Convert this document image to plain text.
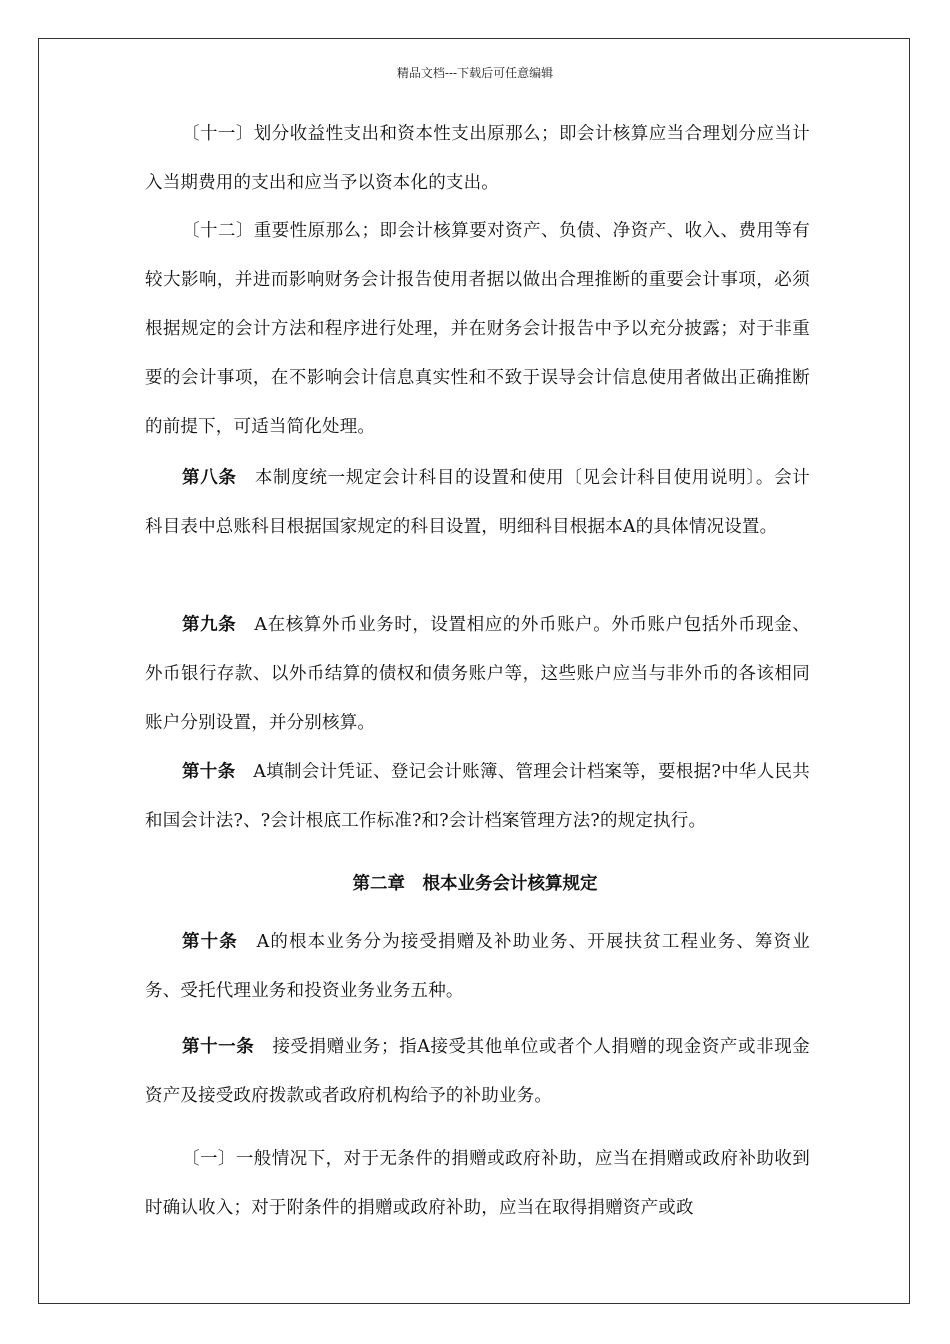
精品文档---下载后可任意编辑

〔十一〕划分收益性支出和资本性支出原那么；即会计核算应当合理划分应当计入当期费用的支出和应当予以资本化的支出。

〔十二〕重要性原那么；即会计核算要对资产、负债、净资产、收入、费用等有较大影响，并进而影响财务会计报告使用者据以做出合理推断的重要会计事项，必须根据规定的会计方法和程序进行处理，并在财务会计报告中予以充分披露；对于非重要的会计事项，在不影响会计信息真实性和不致于误导会计信息使用者做出正确推断的前提下，可适当简化处理。

第八条　 本制度统一规定会计科目的设置和使用〔见会计科目使用说明〕。会计科目表中总账科目根据国家规定的科目设置，明细科目根据本A的具体情况设置。

第九条　 A在核算外币业务时，设置相应的外币账户。外币账户包括外币现金、外币银行存款、以外币结算的债权和债务账户等，这些账户应当与非外币的各该相同账户分别设置，并分别核算。

第十条　 A填制会计凭证、登记会计账簿、管理会计档案等，要根据?中华人民共和国会计法?、?会计根底工作标准?和?会计档案管理方法?的规定执行。

第二章　根本业务会计核算规定

第十条　 A的根本业务分为接受捐赠及补助业务、开展扶贫工程业务、筹资业务、受托代理业务和投资业务业务五种。

第十一条　 接受捐赠业务；指A接受其他单位或者个人捐赠的现金资产或非现金资产及接受政府拨款或者政府机构给予的补助业务。

〔一〕一般情况下，对于无条件的捐赠或政府补助，应当在捐赠或政府补助收到时确认收入；对于附条件的捐赠或政府补助，应当在取得捐赠资产或政
